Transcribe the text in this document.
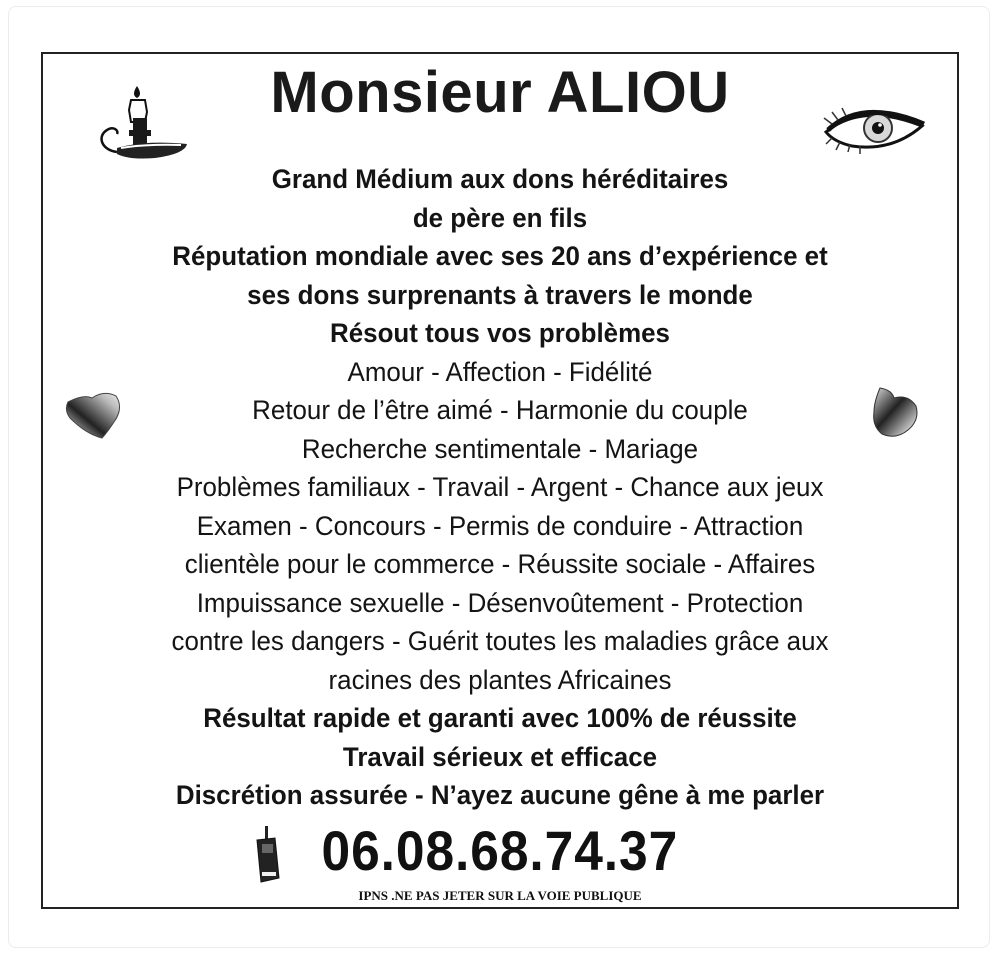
Monsieur ALIOU
Grand Médium aux dons héréditaires
de père en fils
Réputation mondiale avec ses 20 ans d’expérience et
ses dons surprenants à travers le monde
Résout tous vos problèmes
Amour - Affection - Fidélité
Retour de l’être aimé - Harmonie du couple
Recherche sentimentale - Mariage
Problèmes familiaux - Travail - Argent - Chance aux jeux
Examen - Concours - Permis de conduire - Attraction
clientèle pour le commerce - Réussite sociale - Affaires
Impuissance sexuelle - Désenvoûtement - Protection
contre les dangers - Guérit toutes les maladies grâce aux
racines des plantes Africaines
Résultat rapide et garanti avec 100% de réussite
Travail sérieux et efficace
Discrétion assurée - N’ayez aucune gêne à me parler
06.08.68.74.37
IPNS .NE PAS JETER SUR LA VOIE PUBLIQUE
